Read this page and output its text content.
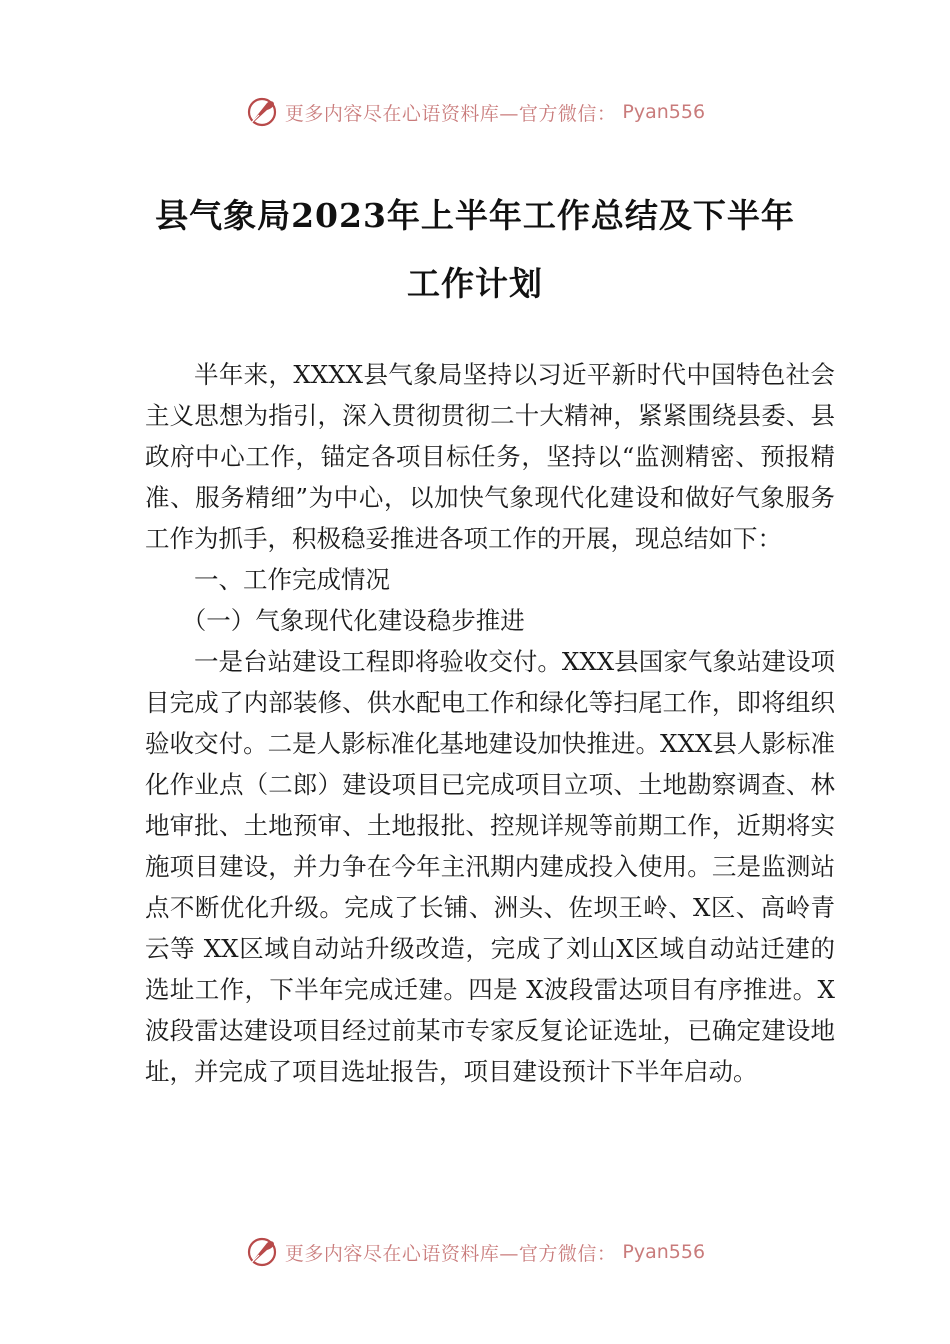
更多内容尽在心语资料库—官方微信： Pyan556
县气象局2023年上半年工作总结及下半年
工作计划

半年来，XXXX县气象局坚持以习近平新时代中国特色社会主义思想为指引，深入贯彻贯彻二十大精神，紧紧围绕县委、县政府中心工作，锚定各项目标任务，坚持以“监测精密、预报精准、服务精细”为中心，以加快气象现代化建设和做好气象服务工作为抓手，积极稳妥推进各项工作的开展，现总结如下：

一、工作完成情况

（一）气象现代化建设稳步推进

一是台站建设工程即将验收交付。XXX县国家气象站建设项目完成了内部装修、供水配电工作和绿化等扫尾工作，即将组织验收交付。二是人影标准化基地建设加快推进。XXX县人影标准化作业点（二郎）建设项目已完成项目立项、土地勘察调查、林地审批、土地预审、土地报批、控规详规等前期工作，近期将实施项目建设，并力争在今年主汛期内建成投入使用。三是监测站点不断优化升级。完成了长铺、洲头、佐坝王岭、X区、高岭青云等 XX区域自动站升级改造，完成了刘山X区域自动站迁建的选址工作，下半年完成迁建。四是 X波段雷达项目有序推进。X波段雷达建设项目经过前某市专家反复论证选址，已确定建设地址，并完成了项目选址报告，项目建设预计下半年启动。

更多内容尽在心语资料库—官方微信： Pyan556
